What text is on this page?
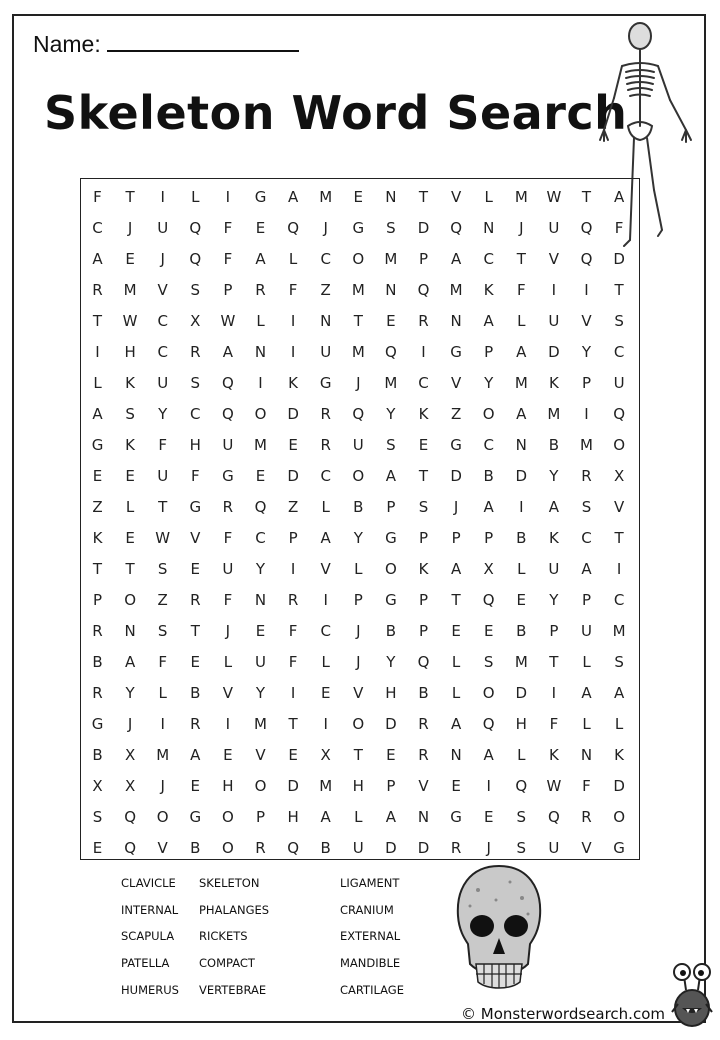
Name:
Skeleton Word Search
F	T	I	L	I	G	A	M	E	N	T	V	L	M	W	T	A
C	J	U	Q	F	E	Q	J	G	S	D	Q	N	J	U	Q	F
A	E	J	Q	F	A	L	C	O	M	P	A	C	T	V	Q	D
R	M	V	S	P	R	F	Z	M	N	Q	M	K	F	I	I	T
T	W	C	X	W	L	I	N	T	E	R	N	A	L	U	V	S
I	H	C	R	A	N	I	U	M	Q	I	G	P	A	D	Y	C
L	K	U	S	Q	I	K	G	J	M	C	V	Y	M	K	P	U
A	S	Y	C	Q	O	D	R	Q	Y	K	Z	O	A	M	I	Q
G	K	F	H	U	M	E	R	U	S	E	G	C	N	B	M	O
E	E	U	F	G	E	D	C	O	A	T	D	B	D	Y	R	X
Z	L	T	G	R	Q	Z	L	B	P	S	J	A	I	A	S	V
K	E	W	V	F	C	P	A	Y	G	P	P	P	B	K	C	T
T	T	S	E	U	Y	I	V	L	O	K	A	X	L	U	A	I
P	O	Z	R	F	N	R	I	P	G	P	T	Q	E	Y	P	C
R	N	S	T	J	E	F	C	J	B	P	E	E	B	P	U	M
B	A	F	E	L	U	F	L	J	Y	Q	L	S	M	T	L	S
R	Y	L	B	V	Y	I	E	V	H	B	L	O	D	I	A	A
G	J	I	R	I	M	T	I	O	D	R	A	Q	H	F	L	L
B	X	M	A	E	V	E	X	T	E	R	N	A	L	K	N	K
X	X	J	E	H	O	D	M	H	P	V	E	I	Q	W	F	D
S	Q	O	G	O	P	H	A	L	A	N	G	E	S	Q	R	O
E	Q	V	B	O	R	Q	B	U	D	D	R	J	S	U	V	G
CLAVICLE
INTERNAL
SCAPULA
PATELLA
HUMERUS
SKELETON
PHALANGES
RICKETS
COMPACT
VERTEBRAE
LIGAMENT
CRANIUM
EXTERNAL
MANDIBLE
CARTILAGE
© Monsterwordsearch.com
